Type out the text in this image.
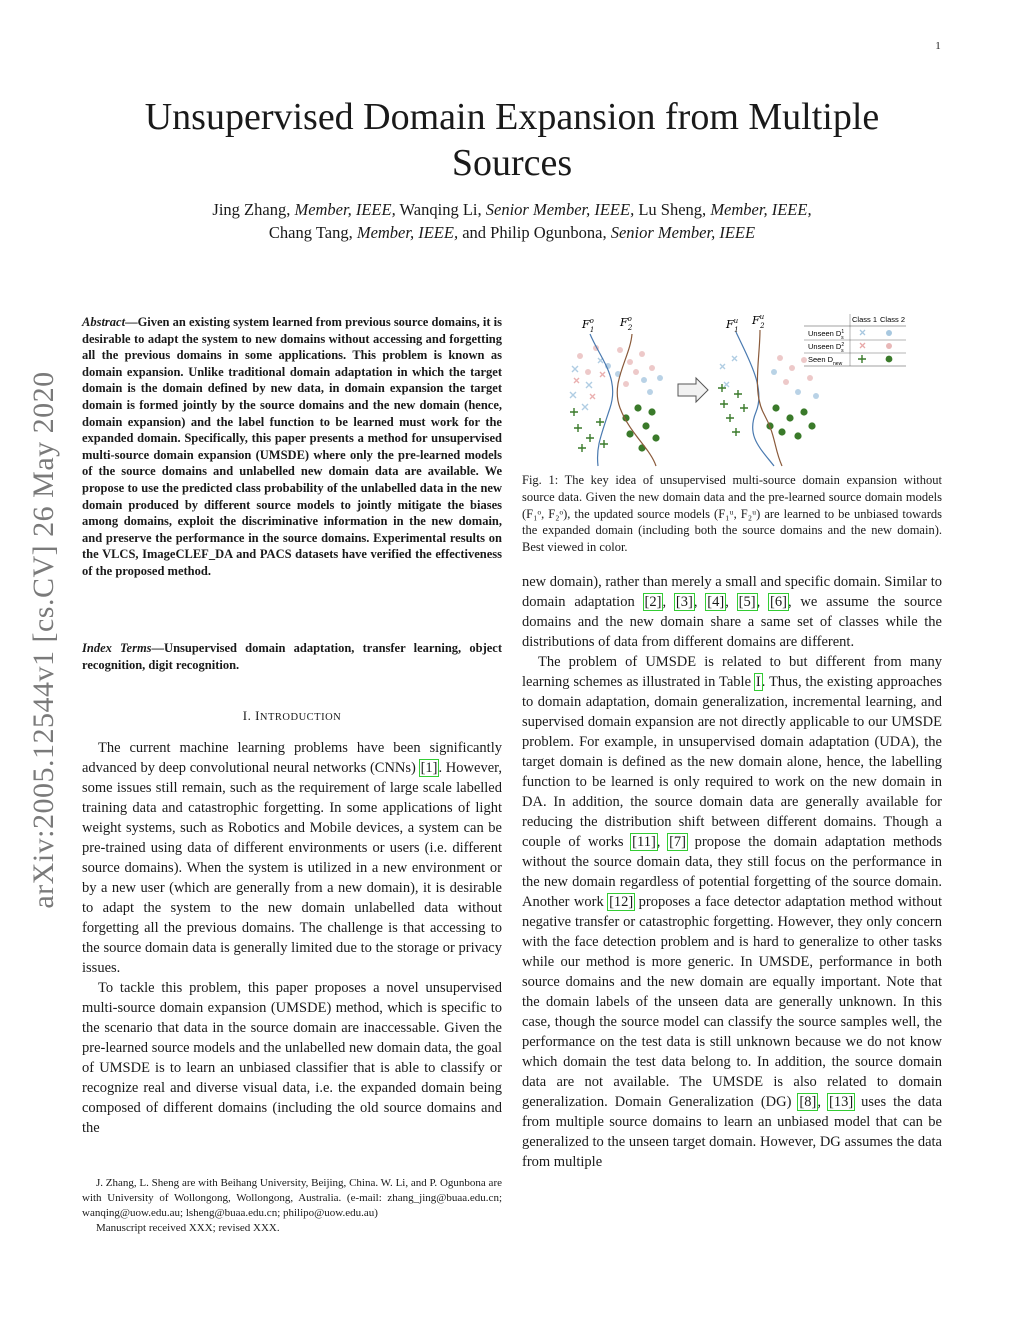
1
arXiv:2005.12544v1 [cs.CV] 26 May 2020
Unsupervised Domain Expansion from Multiple Sources
Jing Zhang, Member, IEEE, Wanqing Li, Senior Member, IEEE, Lu Sheng, Member, IEEE,
Chang Tang, Member, IEEE, and Philip Ogunbona, Senior Member, IEEE
Abstract—Given an existing system learned from previous source domains, it is desirable to adapt the system to new domains without accessing and forgetting all the previous domains in some applications. This problem is known as domain expansion. Unlike traditional domain adaptation in which the target domain is the domain defined by new data, in domain expansion the target domain is formed jointly by the source domains and the new domain (hence, domain expansion) and the label function to be learned must work for the expanded domain. Specifically, this paper presents a method for unsupervised multi-source domain expansion (UMSDE) where only the pre-learned models of the source domains and unlabelled new domain data are available. We propose to use the predicted class probability of the unlabelled data in the new domain produced by different source models to jointly mitigate the biases among domains, exploit the discriminative information in the new domain, and preserve the performance in the source domains. Experimental results on the VLCS, ImageCLEF_DA and PACS datasets have verified the effectiveness of the proposed method.
Index Terms—Unsupervised domain adaptation, transfer learning, object recognition, digit recognition.
I. INTRODUCTION

The current machine learning problems have been significantly advanced by deep convolutional neural networks (CNNs) [1]. However, some issues still remain, such as the requirement of large scale labelled training data and catastrophic forgetting. In some applications of light weight systems, such as Robotics and Mobile devices, a system can be pre-trained using data of different environments or users (i.e. different source domains). When the system is utilized in a new environment or by a new user (which are generally from a new domain), it is desirable to adapt the system to the new domain unlabelled data without forgetting all the previous domains. The challenge is that accessing to the source domain data is generally limited due to the storage or privacy issues.

To tackle this problem, this paper proposes a novel unsupervised multi-source domain expansion (UMSDE) method, which is specific to the scenario that data in the source domain are inaccessable. Given the pre-learned source models and the unlabelled new domain data, the goal of UMSDE is to learn an unbiased classifier that is able to classify or recognize real and diverse visual data, i.e. the expanded domain being composed of different domains (including the old source domains and the

J. Zhang, L. Sheng are with Beihang University, Beijing, China. W. Li, and P. Ogunbona are with University of Wollongong, Wollongong, Australia. (e-mail: zhang_jing@buaa.edu.cn; wanqing@uow.edu.au; lsheng@buaa.edu.cn; philipo@uow.edu.au)

Manuscript received XXX; revised XXX.

$F^o$ 1
$F^o$ 2	$F^u$ 1
$F^u$ 2
Class 1 Class 2
Unseen $D^1$ s
Unseen $D^2$ s
Seen $D_{new}$
Fig. 1: The key idea of unsupervised multi-source domain expansion without source data. Given the new domain data and the pre-learned source domain models (F₁ᵒ, F₂ᵒ), the updated source models (F₁ᵘ, F₂ᵘ) are learned to be unbiased towards the expanded domain (including both the source domains and the new domain). Best viewed in color.

new domain), rather than merely a small and specific domain. Similar to domain adaptation [2], [3], [4], [5], [6], we assume the source domains and the new domain share a same set of classes while the distributions of data from different domains are different.

The problem of UMSDE is related to but different from many learning schemes as illustrated in Table I. Thus, the existing approaches to domain adaptation, domain generalization, incremental learning, and supervised domain expansion are not directly applicable to our UMSDE problem. For example, in unsupervised domain adaptation (UDA), the target domain is defined as the new domain alone, hence, the labelling function to be learned is only required to work on the new domain in DA. In addition, the source domain data are generally available for reducing the distribution shift between different domains. Though a couple of works [11], [7] propose the domain adaptation methods without the source domain data, they still focus on the performance in the new domain regardless of potential forgetting of the source domain. Another work [12] proposes a face detector adaptation method without negative transfer or catastrophic forgetting. However, they only concern with the face detection problem and is hard to generalize to other tasks while our method is more generic. In UMSDE, performance in both source domains and the new domain are equally important. Note that the domain labels of the unseen data are generally unknown. In this case, though the source model can classify the source samples well, the performance on the test data is still unknown because we do not know which domain the test data belong to. In addition, the source domain data are not available. The UMSDE is also related to domain generalization. Domain Generalization (DG) [8], [13] uses the data from multiple source domains to learn an unbiased model that can be generalized to the unseen target domain. However, DG assumes the data from multiple
